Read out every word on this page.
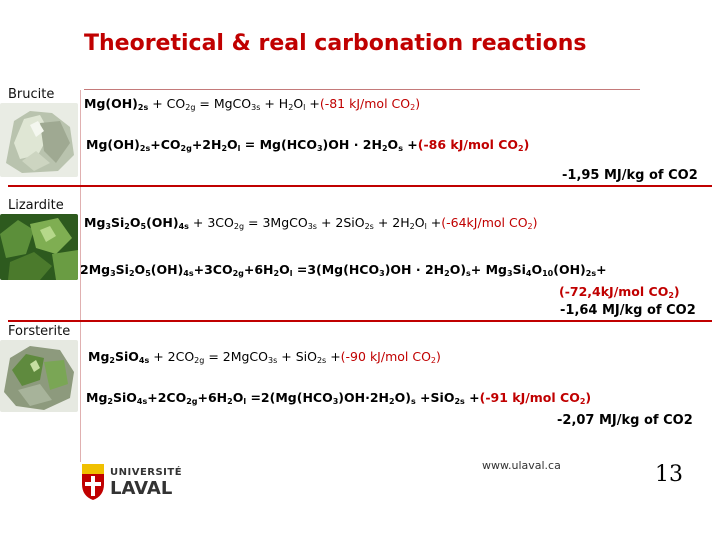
Theoretical & real carbonation reactions
Brucite
$Mg(OH)_{2s} + CO_{2g}$ = MgCO$_{3s}$ + $H_2O_l +(-81$ kJ/mol $CO_2$)
$Mg(OH)_{2s}+CO_{2g}+2H_2O_l = Mg(HCO_3)OH \cdot 2H_2O_s +(-86$ kJ/mol $CO_2$)
-1,95 MJ/kg of CO2
Lizardite
$Mg_3Si_2O_5(OH)_{4s} + 3CO_{2g}$ = 3MgCO$_{3s}$ + $2SiO_{2s} + 2H_2O_l +(-64kJ/mol$ $CO_2$)
$2Mg_3Si_2O_5(OH)_{4s}+3CO_{2g}+6H_2O_l =3(Mg(HCO_3)OH \cdot 2H_2O)_s+ Mg_3Si_4O_{10}(OH)_{2s}+$
(-72,4kJ/mol $CO_2$)
-1,64 MJ/kg of CO2
Forsterite
$Mg_2SiO_{4s} + 2CO_{2g}$ = 2MgCO$_{3s}$ + SiO$_{2s}$ +(-90 kJ/mol $CO_2$)
$Mg_2SiO_{4s}+2CO_{2g}+6H_2O_l =2(Mg(HCO_3)OH\cdot 2H_2O)_s +SiO_{2s} +(-91$ kJ/mol $CO_2$)
-2,07 MJ/kg of CO2
UNIVERSITÉ
LAVAL
www.ulaval.ca	13
